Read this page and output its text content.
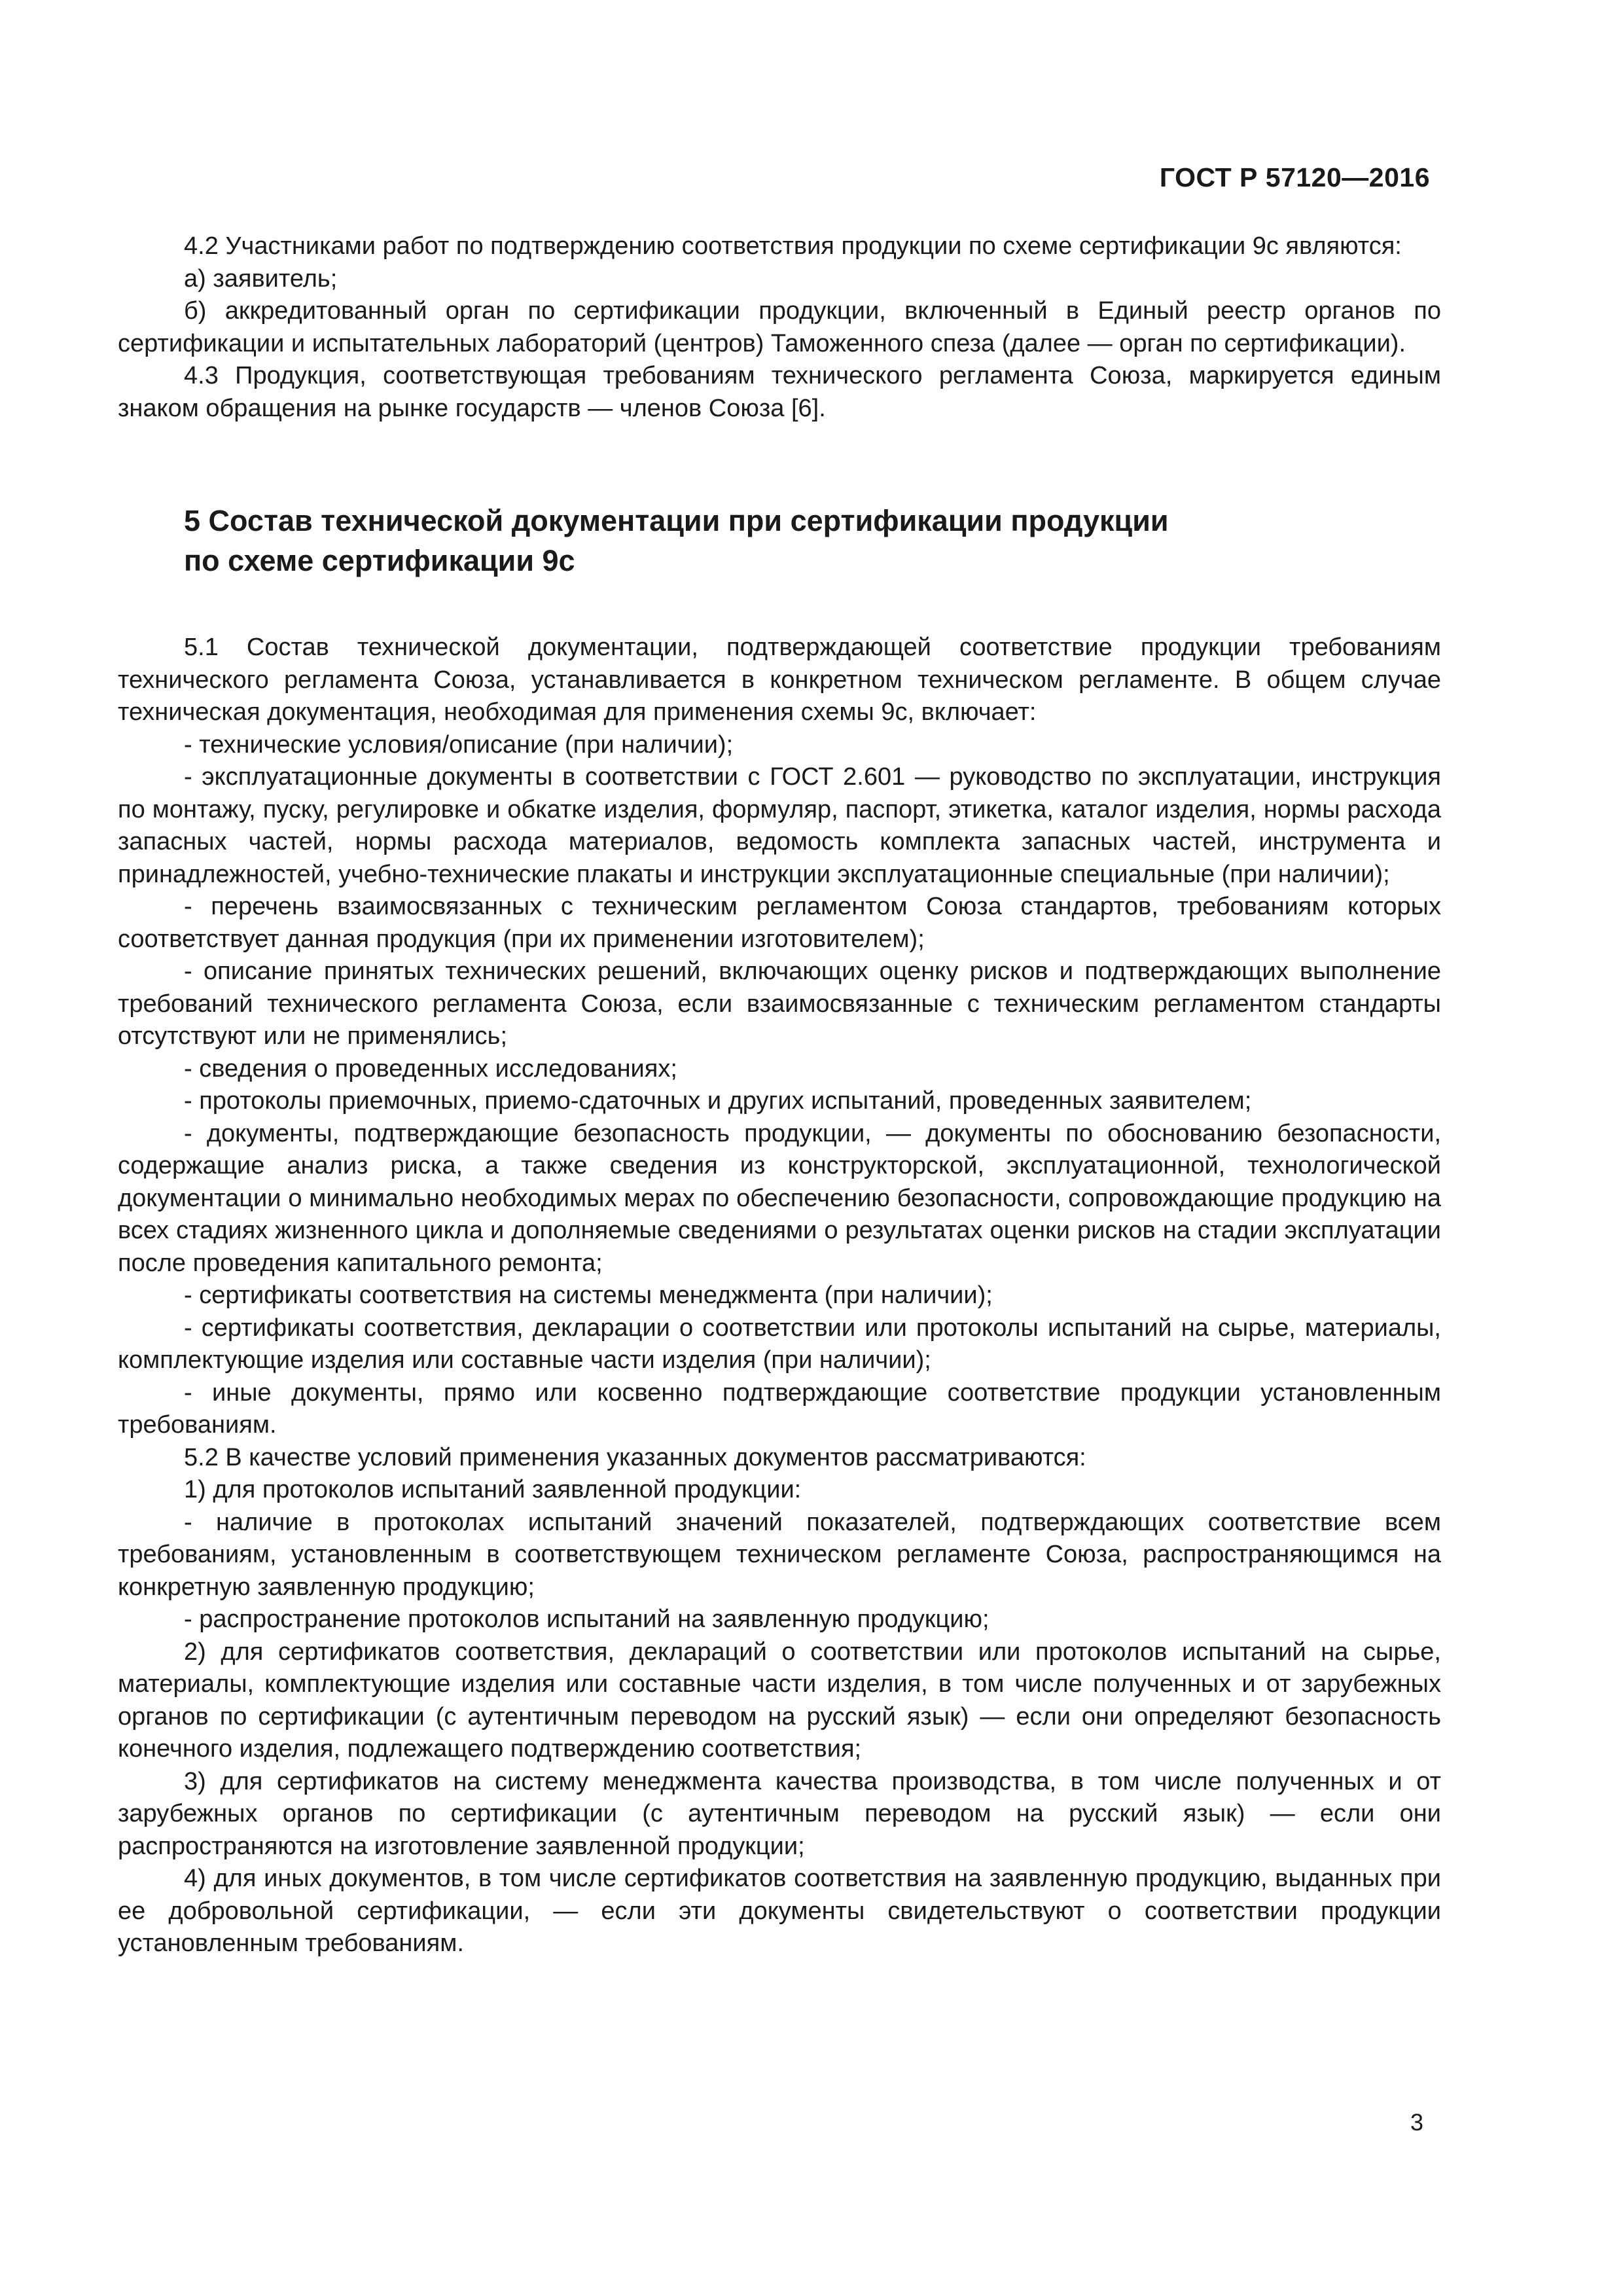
ГОСТ Р 57120—2016

4.2 Участниками работ по подтверждению соответствия продукции по схеме сертификации 9с являются:

а) заявитель;

б) аккредитованный орган по сертификации продукции, включенный в Единый реестр органов по сертификации и испытательных лабораторий (центров) Таможенного спеза (далее — орган по сертификации).

4.3 Продукция, соответствующая требованиям технического регламента Союза, маркируется единым знаком обращения на рынке государств — членов Союза [6].

5 Состав технической документации при сертификации продукции
по схеме сертификации 9с

5.1 Состав технической документации, подтверждающей соответствие продукции требованиям технического регламента Союза, устанавливается в конкретном техническом регламенте. В общем случае техническая документация, необходимая для применения схемы 9с, включает:

- технические условия/описание (при наличии);

- эксплуатационные документы в соответствии с ГОСТ 2.601 — руководство по эксплуатации, инструкция по монтажу, пуску, регулировке и обкатке изделия, формуляр, паспорт, этикетка, каталог изделия, нормы расхода запасных частей, нормы расхода материалов, ведомость комплекта запасных частей, инструмента и принадлежностей, учебно-технические плакаты и инструкции эксплуатационные специальные (при наличии);

- перечень взаимосвязанных с техническим регламентом Союза стандартов, требованиям которых соответствует данная продукция (при их применении изготовителем);

- описание принятых технических решений, включающих оценку рисков и подтверждающих выполнение требований технического регламента Союза, если взаимосвязанные с техническим регламентом стандарты отсутствуют или не применялись;

- сведения о проведенных исследованиях;

- протоколы приемочных, приемо-сдаточных и других испытаний, проведенных заявителем;

- документы, подтверждающие безопасность продукции, — документы по обоснованию безопасности, содержащие анализ риска, а также сведения из конструкторской, эксплуатационной, технологической документации о минимально необходимых мерах по обеспечению безопасности, сопровождающие продукцию на всех стадиях жизненного цикла и дополняемые сведениями о результатах оценки рисков на стадии эксплуатации после проведения капитального ремонта;

- сертификаты соответствия на системы менеджмента (при наличии);

- сертификаты соответствия, декларации о соответствии или протоколы испытаний на сырье, материалы, комплектующие изделия или составные части изделия (при наличии);

- иные документы, прямо или косвенно подтверждающие соответствие продукции установленным требованиям.

5.2 В качестве условий применения указанных документов рассматриваются:

1) для протоколов испытаний заявленной продукции:

- наличие в протоколах испытаний значений показателей, подтверждающих соответствие всем требованиям, установленным в соответствующем техническом регламенте Союза, распространяющимся на конкретную заявленную продукцию;

- распространение протоколов испытаний на заявленную продукцию;

2) для сертификатов соответствия, деклараций о соответствии или протоколов испытаний на сырье, материалы, комплектующие изделия или составные части изделия, в том числе полученных и от зарубежных органов по сертификации (с аутентичным переводом на русский язык) — если они определяют безопасность конечного изделия, подлежащего подтверждению соответствия;

3) для сертификатов на систему менеджмента качества производства, в том числе полученных и от зарубежных органов по сертификации (с аутентичным переводом на русский язык) — если они распространяются на изготовление заявленной продукции;

4) для иных документов, в том числе сертификатов соответствия на заявленную продукцию, выданных при ее добровольной сертификации, — если эти документы свидетельствуют о соответствии продукции установленным требованиям.

3
